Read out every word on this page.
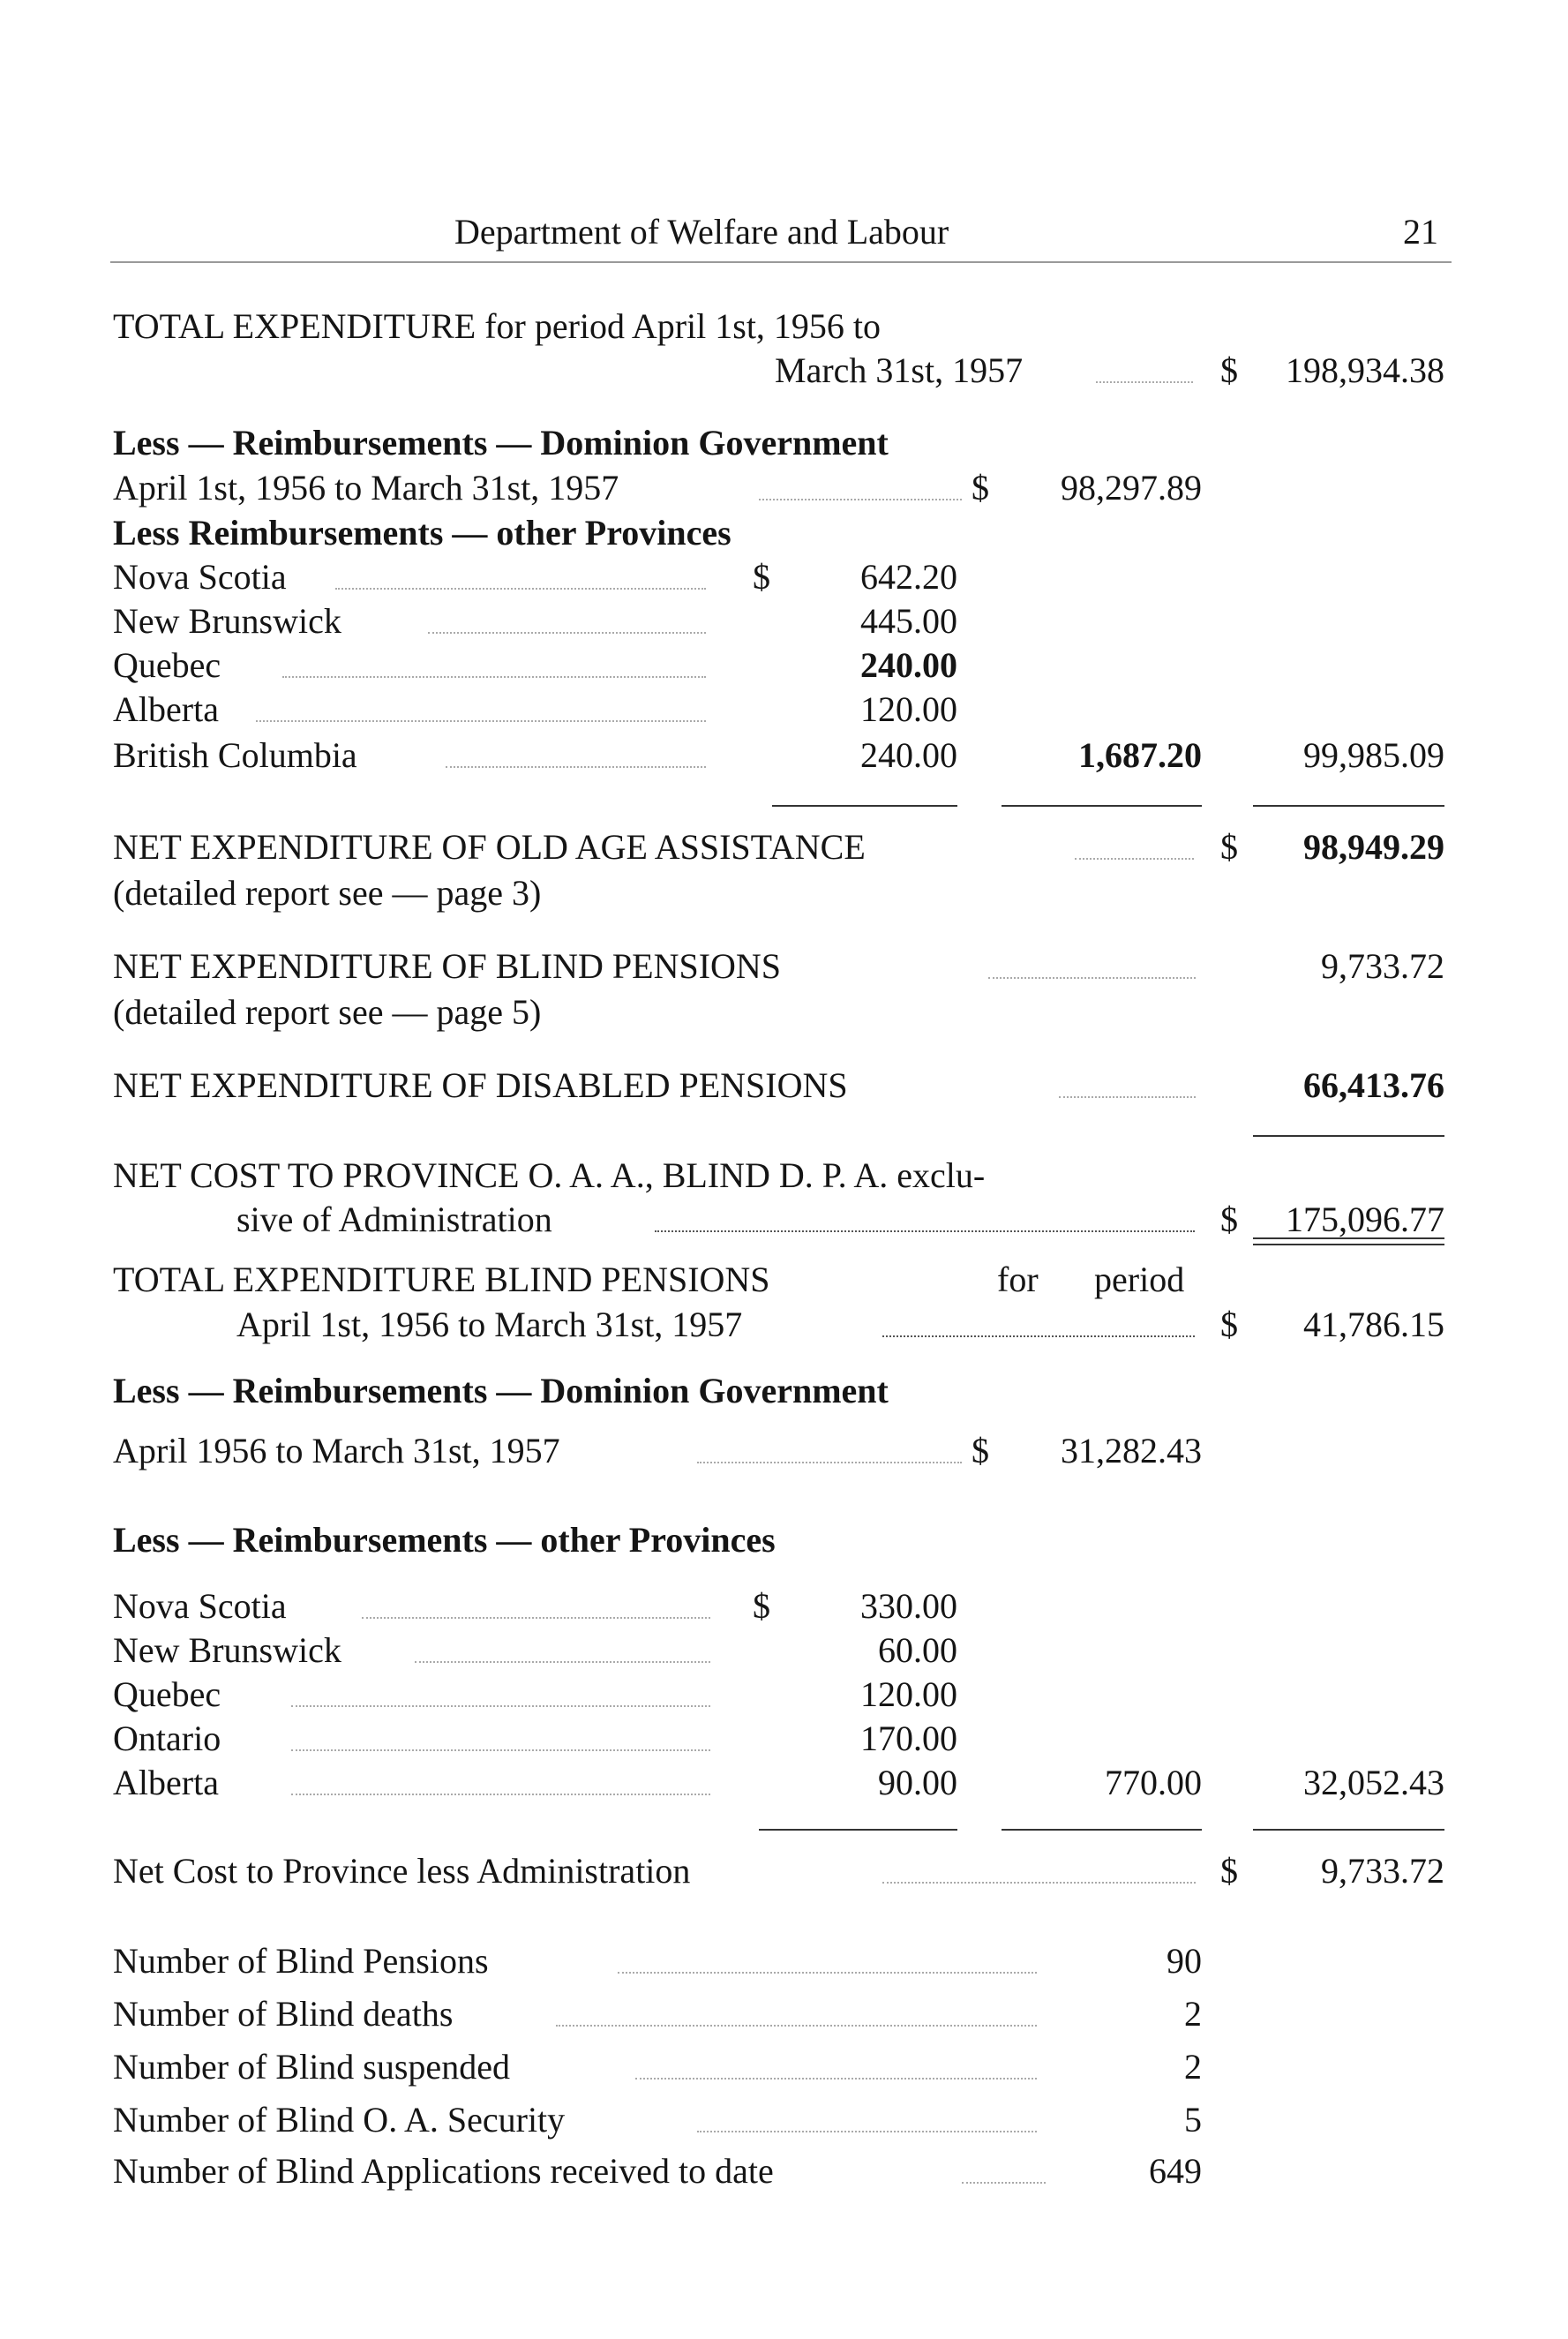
Department of Welfare and Labour	21
TOTAL EXPENDITURE for period April 1st, 1956 to
March 31st, 1957	$	198,934.38
Less — Reimbursements — Dominion Government
April 1st, 1956 to March 31st, 1957	$	98,297.89
Less Reimbursements — other Provinces
Nova Scotia	$	642.20
New Brunswick	445.00
Quebec	240.00
Alberta	120.00
British Columbia	240.00	1,687.20	99,985.09
NET EXPENDITURE OF OLD AGE ASSISTANCE	$	98,949.29
(detailed report see — page 3)
NET EXPENDITURE OF BLIND PENSIONS	9,733.72
(detailed report see — page 5)
NET EXPENDITURE OF DISABLED PENSIONS	66,413.76
NET COST TO PROVINCE O. A. A., BLIND D. P. A. exclu-
sive of Administration	$	175,096.77
TOTAL EXPENDITURE BLIND PENSIONS	for period
April 1st, 1956 to March 31st, 1957	$	41,786.15
Less — Reimbursements — Dominion Government
April 1956 to March 31st, 1957	$	31,282.43
Less — Reimbursements — other Provinces
Nova Scotia	$	330.00
New Brunswick	60.00
Quebec	120.00
Ontario	170.00
Alberta	90.00	770.00	32,052.43
Net Cost to Province less Administration	$	9,733.72
Number of Blind Pensions	90
Number of Blind deaths	2
Number of Blind suspended	2
Number of Blind O. A. Security	5
Number of Blind Applications received to date	649
